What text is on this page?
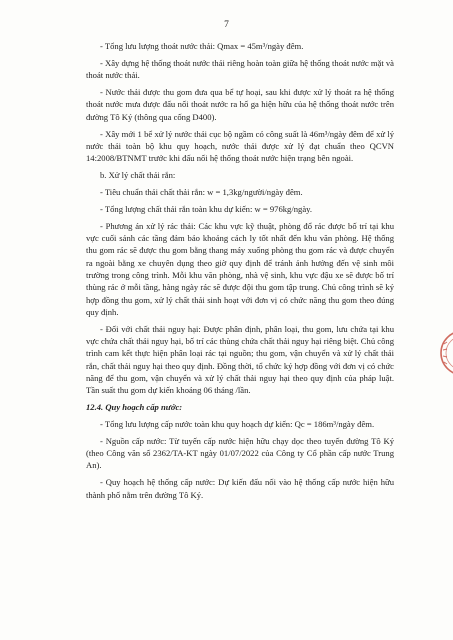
7

- Tổng lưu lượng thoát nước thải: Qmax = 45m³/ngày đêm.

- Xây dựng hệ thống thoát nước thải riêng hoàn toàn giữa hệ thống thoát nước mặt và thoát nước thải.

- Nước thải được thu gom đưa qua bể tự hoại, sau khi được xử lý thoát ra hệ thống thoát nước mưa được đấu nối thoát nước ra hố ga hiện hữu của hệ thống thoát nước trên đường Tô Ký (thông qua cống D400).

- Xây mới 1 bể xử lý nước thải cục bộ ngầm có công suất là 46m³/ngày đêm để xử lý nước thải toàn bộ khu quy hoạch, nước thải được xử lý đạt chuẩn theo QCVN 14:2008/BTNMT trước khi đấu nối hệ thống thoát nước hiện trạng bên ngoài.

b. Xử lý chất thải rắn:

- Tiêu chuẩn thải chất thải rắn: w = 1,3kg/người/ngày đêm.

- Tổng lượng chất thải rắn toàn khu dự kiến: w = 976kg/ngày.

- Phương án xử lý rác thải: Các khu vực kỹ thuật, phòng đổ rác được bố trí tại khu vực cuối sảnh các tầng đảm bảo khoảng cách ly tốt nhất đến khu văn phòng. Hệ thống thu gom rác sẽ được thu gom bằng thang máy xuống phòng thu gom rác và được chuyển ra ngoài bằng xe chuyên dụng theo giờ quy định để tránh ảnh hưởng đến vệ sinh môi trường trong công trình. Mỗi khu văn phòng, nhà vệ sinh, khu vực đậu xe sẽ được bố trí thùng rác ở mỗi tầng, hàng ngày rác sẽ được đội thu gom tập trung. Chủ công trình sẽ ký hợp đồng thu gom, xử lý chất thải sinh hoạt với đơn vị có chức năng thu gom theo đúng quy định.

- Đối với chất thải nguy hại: Được phân định, phân loại, thu gom, lưu chứa tại khu vực chứa chất thải nguy hại, bố trí các thùng chứa chất thải nguy hại riêng biệt. Chủ công trình cam kết thực hiện phân loại rác tại nguồn; thu gom, vận chuyển và xử lý chất thải rắn, chất thải nguy hại theo quy định. Đồng thời, tổ chức ký hợp đồng với đơn vị có chức năng để thu gom, vận chuyển và xử lý chất thải nguy hại theo quy định của pháp luật. Tần suất thu gom dự kiến khoảng 06 tháng /lần.

12.4. Quy hoạch cấp nước:

- Tổng lưu lượng cấp nước toàn khu quy hoạch dự kiến: Qc = 186m³/ngày đêm.

- Nguồn cấp nước: Từ tuyến cấp nước hiện hữu chạy dọc theo tuyến đường Tô Ký (theo Công văn số 2362/TA-KT ngày 01/07/2022 của Công ty Cổ phần cấp nước Trung An).

- Quy hoạch hệ thống cấp nước: Dự kiến đấu nối vào hệ thống cấp nước hiện hữu thành phố nằm trên đường Tô Ký.
